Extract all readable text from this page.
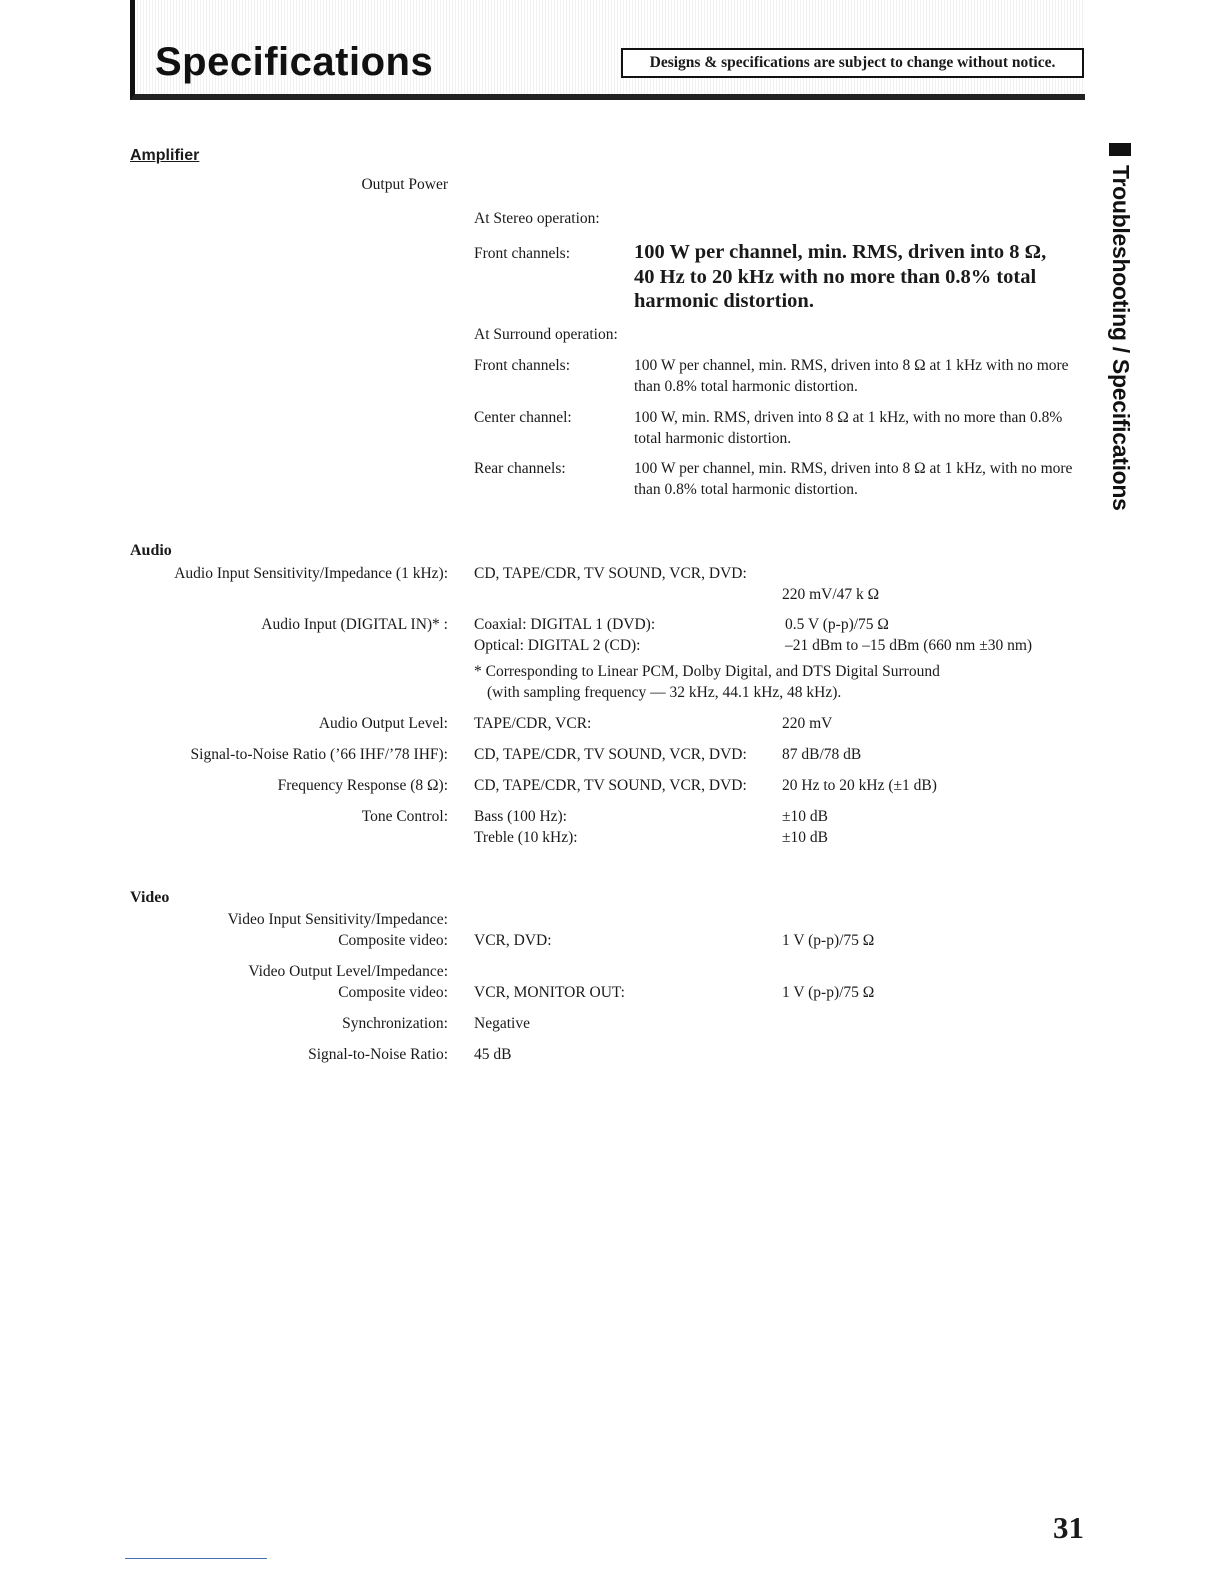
Specifications	Designs & specifications are subject to change without notice.
Troubleshooting / Specifications
Amplifier
Output Power
At Stereo operation:
Front channels:	100 W per channel, min. RMS, driven into 8 Ω, 40 Hz to 20 kHz with no more than 0.8% total harmonic distortion.
At Surround operation:
Front channels:	100 W per channel, min. RMS, driven into 8 Ω at 1 kHz with no more than 0.8% total harmonic distortion.
Center channel:	100 W, min. RMS, driven into 8 Ω at 1 kHz, with no more than 0.8% total harmonic distortion.
Rear channels:	100 W per channel, min. RMS, driven into 8 Ω at 1 kHz, with no more than 0.8% total harmonic distortion.
Audio
Audio Input Sensitivity/Impedance (1 kHz): CD, TAPE/CDR, TV SOUND, VCR, DVD:
220 mV/47 k Ω
Audio Input (DIGITAL IN)* : Coaxial: DIGITAL 1 (DVD):	0.5 V (p-p)/75 Ω
Optical: DIGITAL 2 (CD):	–21 dBm to –15 dBm (660 nm ±30 nm)
* Corresponding to Linear PCM, Dolby Digital, and DTS Digital Surround
(with sampling frequency — 32 kHz, 44.1 kHz, 48 kHz).
Audio Output Level: TAPE/CDR, VCR:	220 mV
Signal-to-Noise Ratio (’66 IHF/’78 IHF): CD, TAPE/CDR, TV SOUND, VCR, DVD: 87 dB/78 dB
Frequency Response (8 Ω): CD, TAPE/CDR, TV SOUND, VCR, DVD: 20 Hz to 20 kHz (±1 dB)
Tone Control: Bass (100 Hz):	±10 dB
Treble (10 kHz):	±10 dB
Video
Video Input Sensitivity/Impedance:
Composite video: VCR, DVD:	1 V (p-p)/75 Ω
Video Output Level/Impedance:
Composite video: VCR, MONITOR OUT:	1 V (p-p)/75 Ω
Synchronization: Negative
Signal-to-Noise Ratio: 45 dB
31
